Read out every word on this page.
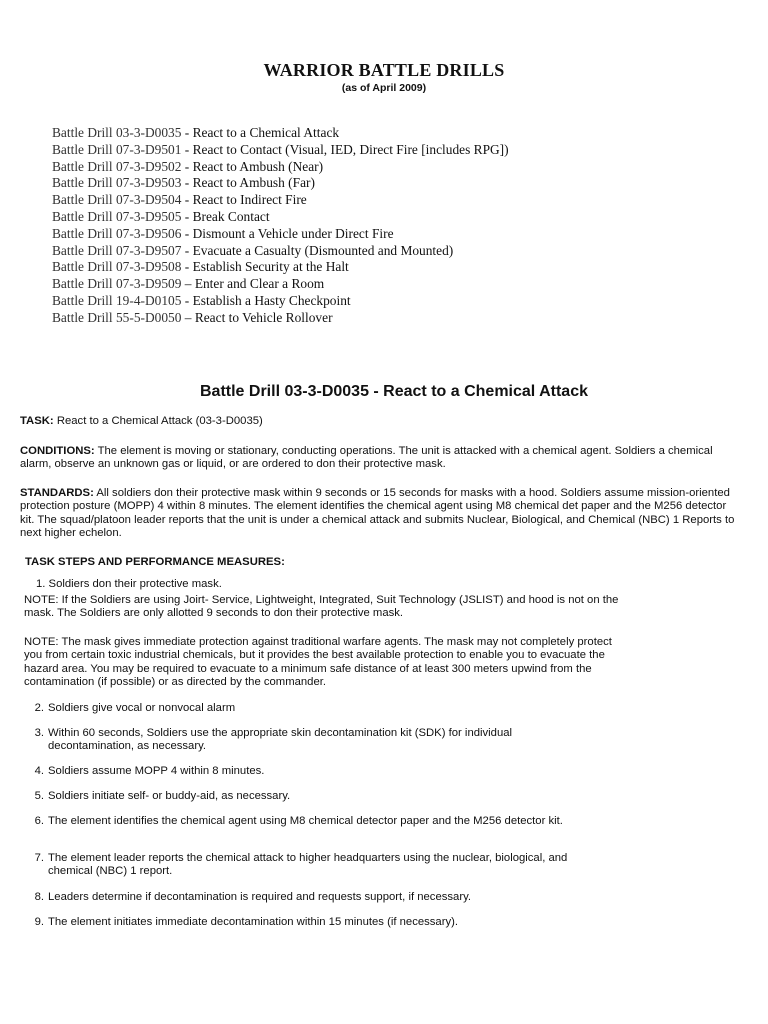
WARRIOR BATTLE DRILLS
(as of April 2009)
Battle Drill 03-3-D0035 - React to a Chemical Attack
Battle Drill 07-3-D9501 - React to Contact (Visual, IED, Direct Fire [includes RPG])
Battle Drill 07-3-D9502 - React to Ambush (Near)
Battle Drill 07-3-D9503 - React to Ambush (Far)
Battle Drill 07-3-D9504 - React to Indirect Fire
Battle Drill 07-3-D9505 - Break Contact
Battle Drill 07-3-D9506 - Dismount a Vehicle under Direct Fire
Battle Drill 07-3-D9507 - Evacuate a Casualty (Dismounted and Mounted)
Battle Drill 07-3-D9508 - Establish Security at the Halt
Battle Drill 07-3-D9509 – Enter and Clear a Room
Battle Drill 19-4-D0105 - Establish a Hasty Checkpoint
Battle Drill 55-5-D0050 – React to Vehicle Rollover
Battle Drill 03-3-D0035 - React to a Chemical Attack

TASK: React to a Chemical Attack (03-3-D0035)

CONDITIONS: The element is moving or stationary, conducting operations. The unit is attacked with a chemical agent. Soldiers a chemical alarm, observe an unknown gas or liquid, or are ordered to don their protective mask.

STANDARDS: All soldiers don their protective mask within 9 seconds or 15 seconds for masks with a hood. Soldiers assume mission-oriented protection posture (MOPP) 4 within 8 minutes. The element identifies the chemical agent using M8 chemical det paper and the M256 detector kit. The squad/platoon leader reports that the unit is under a chemical attack and submits Nuclear, Biological, and Chemical (NBC) 1 Reports to next higher echelon.

TASK STEPS AND PERFORMANCE MEASURES:

1. Soldiers don their protective mask.

NOTE: If the Soldiers are using Joirt- Service, Lightweight, Integrated, Suit Technology (JSLIST) and hood is not on the mask. The Soldiers are only allotted 9 seconds to don their protective mask.

NOTE: The mask gives immediate protection against traditional warfare agents. The mask may not completely protect you from certain toxic industrial chemicals, but it provides the best available protection to enable you to evacuate the hazard area. You may be required to evacuate to a minimum safe distance of at least 300 meters upwind from the contamination (if possible) or as directed by the commander.

2. Soldiers give vocal or nonvocal alarm
3. Within 60 seconds, Soldiers use the appropriate skin decontamination kit (SDK) for individual decontamination, as necessary.
4. Soldiers assume MOPP 4 within 8 minutes.
5. Soldiers initiate self- or buddy-aid, as necessary.
6. The element identifies the chemical agent using M8 chemical detector paper and the M256 detector kit.
7. The element leader reports the chemical attack to higher headquarters using the nuclear, biological, and chemical (NBC) 1 report.
8. Leaders determine if decontamination is required and requests support, if necessary.
9. The element initiates immediate decontamination within 15 minutes (if necessary).
